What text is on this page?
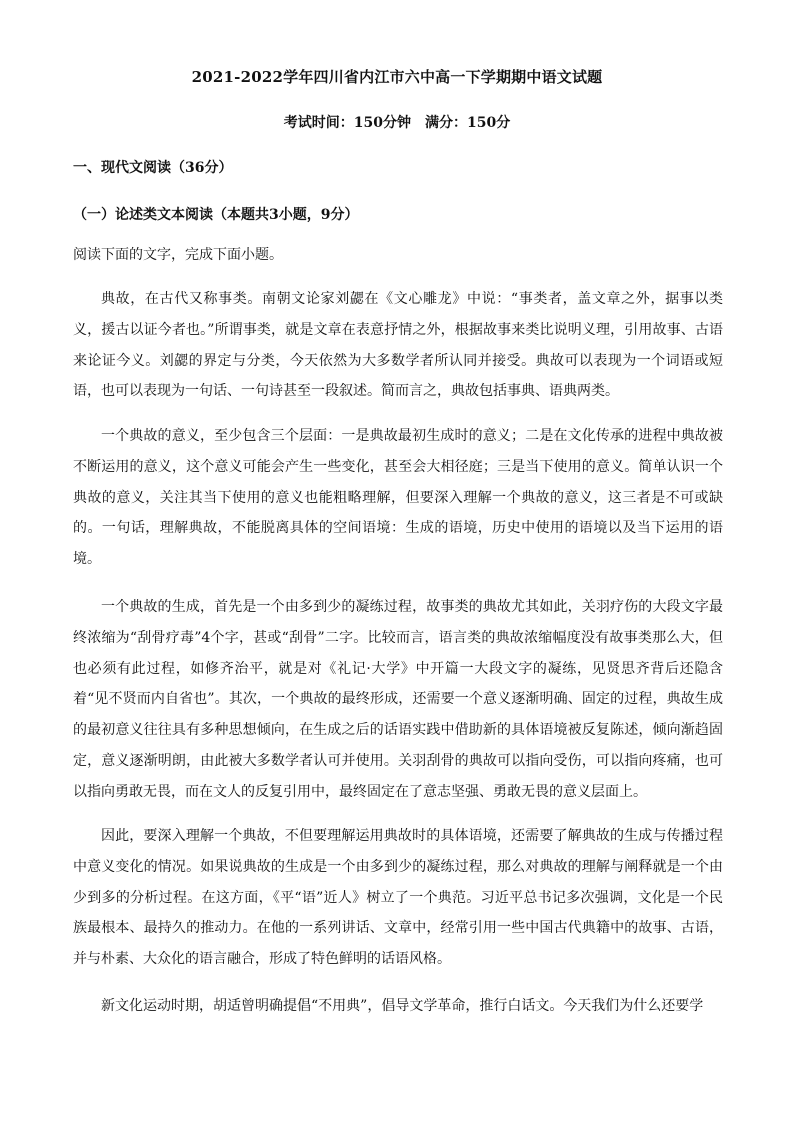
2021-2022学年四川省内江市六中高一下学期期中语文试题
考试时间：150分钟　满分：150分
一、现代文阅读（36分）
（一）论述类文本阅读（本题共3小题，9分）
阅读下面的文字，完成下面小题。

典故，在古代又称事类。南朝文论家刘勰在《文心雕龙》中说：“事类者，盖文章之外，据事以类义，援古以证今者也。”所谓事类，就是文章在表意抒情之外，根据故事来类比说明义理，引用故事、古语来论证今义。刘勰的界定与分类，今天依然为大多数学者所认同并接受。典故可以表现为一个词语或短语，也可以表现为一句话、一句诗甚至一段叙述。简而言之，典故包括事典、语典两类。

一个典故的意义，至少包含三个层面：一是典故最初生成时的意义；二是在文化传承的进程中典故被不断运用的意义，这个意义可能会产生一些变化，甚至会大相径庭；三是当下使用的意义。简单认识一个典故的意义，关注其当下使用的意义也能粗略理解，但要深入理解一个典故的意义，这三者是不可或缺的。一句话，理解典故，不能脱离具体的空间语境：生成的语境，历史中使用的语境以及当下运用的语境。

一个典故的生成，首先是一个由多到少的凝练过程，故事类的典故尤其如此，关羽疗伤的大段文字最终浓缩为“刮骨疗毒”4个字，甚或“刮骨”二字。比较而言，语言类的典故浓缩幅度没有故事类那么大，但也必须有此过程，如修齐治平，就是对《礼记·大学》中开篇一大段文字的凝练，见贤思齐背后还隐含着“见不贤而内自省也”。其次，一个典故的最终形成，还需要一个意义逐渐明确、固定的过程，典故生成的最初意义往往具有多种思想倾向，在生成之后的话语实践中借助新的具体语境被反复陈述，倾向渐趋固定，意义逐渐明朗，由此被大多数学者认可并使用。关羽刮骨的典故可以指向受伤，可以指向疼痛，也可以指向勇敢无畏，而在文人的反复引用中，最终固定在了意志坚强、勇敢无畏的意义层面上。

因此，要深入理解一个典故，不但要理解运用典故时的具体语境，还需要了解典故的生成与传播过程中意义变化的情况。如果说典故的生成是一个由多到少的凝练过程，那么对典故的理解与阐释就是一个由少到多的分析过程。在这方面，《平“语”近人》树立了一个典范。习近平总书记多次强调，文化是一个民族最根本、最持久的推动力。在他的一系列讲话、文章中，经常引用一些中国古代典籍中的故事、古语，并与朴素、大众化的语言融合，形成了特色鲜明的话语风格。

新文化运动时期，胡适曾明确提倡“不用典”，倡导文学革命，推行白话文。今天我们为什么还要学
